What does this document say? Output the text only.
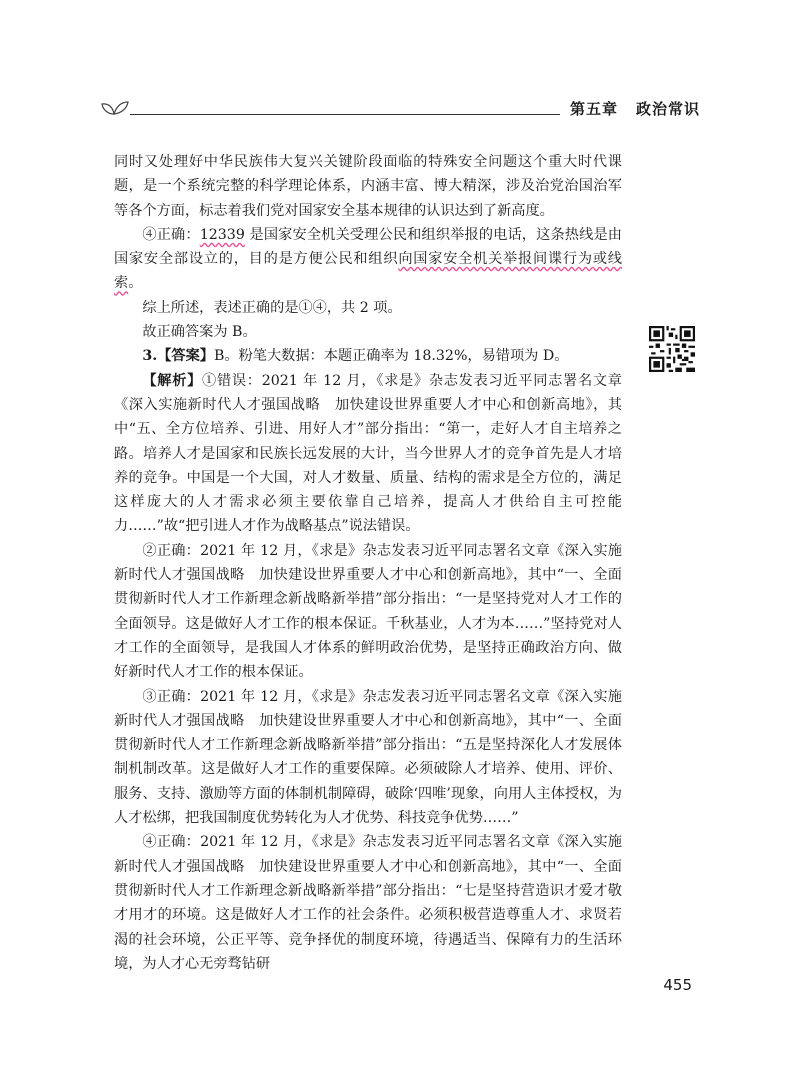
第五章 政治常识

同时又处理好中华民族伟大复兴关键阶段面临的特殊安全问题这个重大时代课题，是一个系统完整的科学理论体系，内涵丰富、博大精深，涉及治党治国治军等各个方面，标志着我们党对国家安全基本规律的认识达到了新高度。

④正确：12339 是国家安全机关受理公民和组织举报的电话，这条热线是由国家安全部设立的，目的是方便公民和组织向国家安全机关举报间谍行为或线索。

综上所述，表述正确的是①④，共 2 项。

故正确答案为 B。

3.【答案】B。粉笔大数据：本题正确率为 18.32%，易错项为 D。

【解析】①错误：2021 年 12 月，《求是》杂志发表习近平同志署名文章《深入实施新时代人才强国战略　加快建设世界重要人才中心和创新高地》，其中“五、全方位培养、引进、用好人才”部分指出：“第一，走好人才自主培养之路。培养人才是国家和民族长远发展的大计，当今世界人才的竞争首先是人才培养的竞争。中国是一个大国，对人才数量、质量、结构的需求是全方位的，满足这样庞大的人才需求必须主要依靠自己培养，提高人才供给自主可控能力……”故“把引进人才作为战略基点”说法错误。

②正确：2021 年 12 月，《求是》杂志发表习近平同志署名文章《深入实施新时代人才强国战略　加快建设世界重要人才中心和创新高地》，其中“一、全面贯彻新时代人才工作新理念新战略新举措”部分指出：“一是坚持党对人才工作的全面领导。这是做好人才工作的根本保证。千秋基业，人才为本……”坚持党对人才工作的全面领导，是我国人才体系的鲜明政治优势，是坚持正确政治方向、做好新时代人才工作的根本保证。

③正确：2021 年 12 月，《求是》杂志发表习近平同志署名文章《深入实施新时代人才强国战略　加快建设世界重要人才中心和创新高地》，其中“一、全面贯彻新时代人才工作新理念新战略新举措”部分指出：“五是坚持深化人才发展体制机制改革。这是做好人才工作的重要保障。必须破除人才培养、使用、评价、服务、支持、激励等方面的体制机制障碍，破除‘四唯’现象，向用人主体授权，为人才松绑，把我国制度优势转化为人才优势、科技竞争优势……”

④正确：2021 年 12 月，《求是》杂志发表习近平同志署名文章《深入实施新时代人才强国战略　加快建设世界重要人才中心和创新高地》，其中“一、全面贯彻新时代人才工作新理念新战略新举措”部分指出：“七是坚持营造识才爱才敬才用才的环境。这是做好人才工作的社会条件。必须积极营造尊重人才、求贤若渴的社会环境，公正平等、竞争择优的制度环境，待遇适当、保障有力的生活环境，为人才心无旁骛钻研

455
